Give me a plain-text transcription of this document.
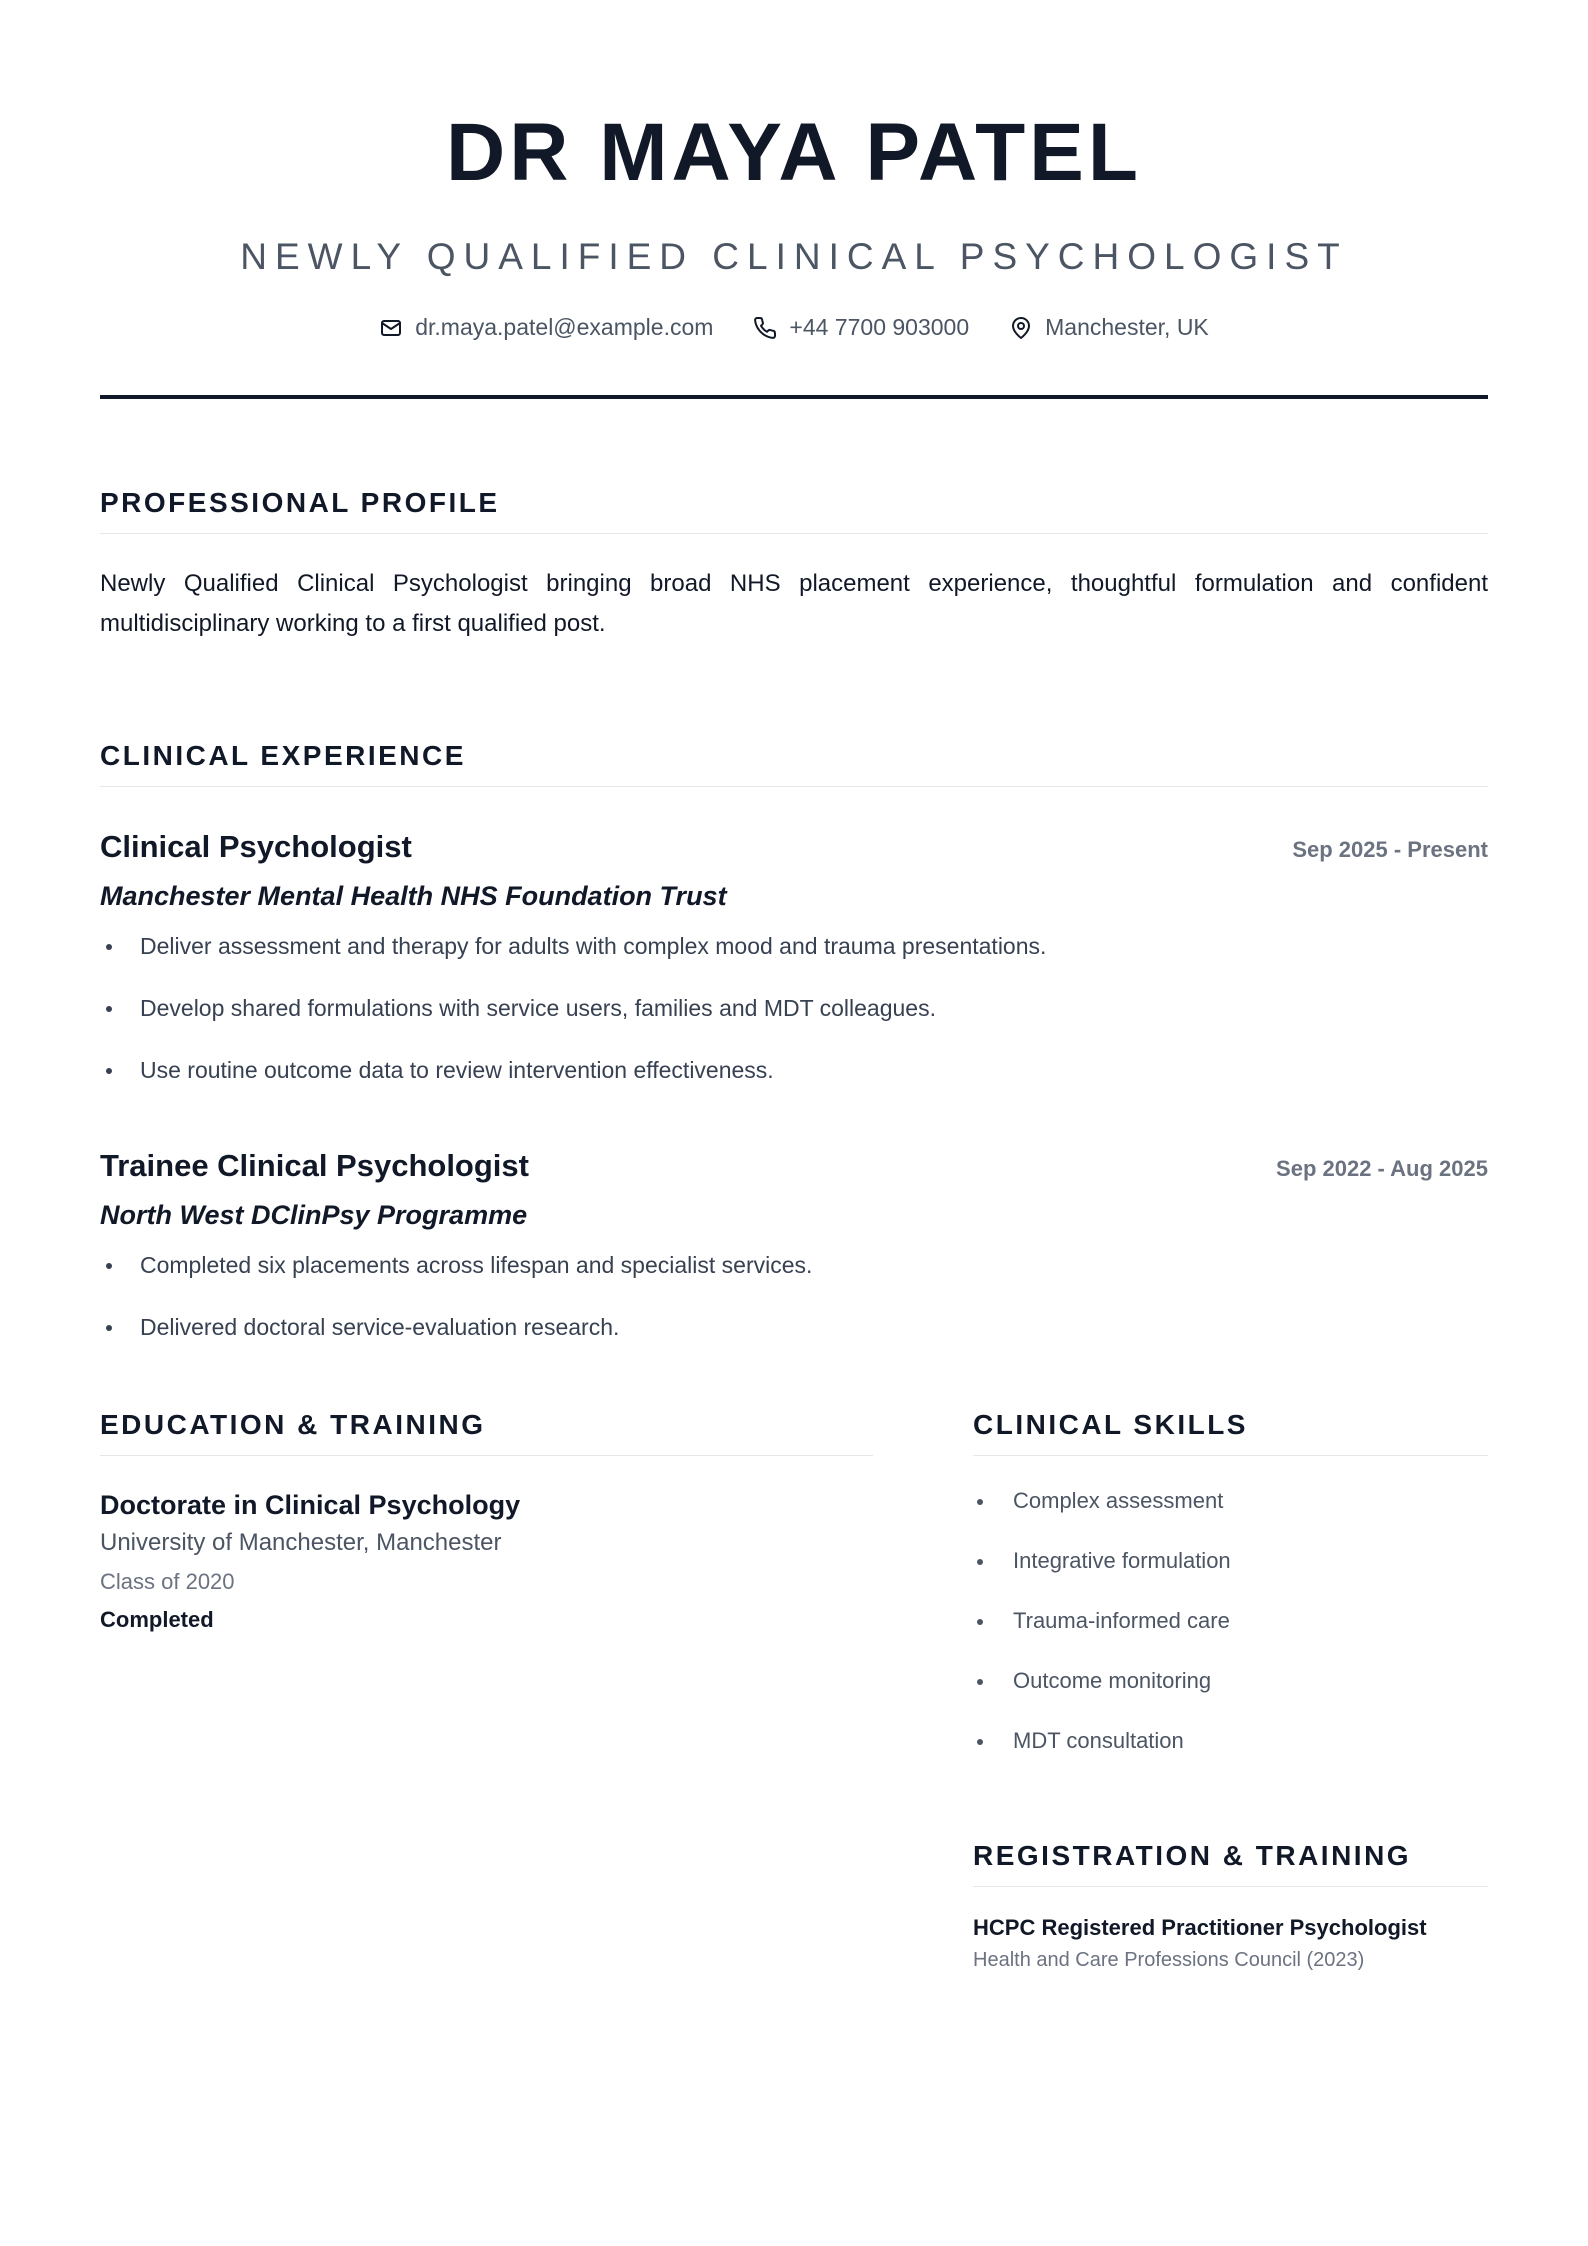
DR MAYA PATEL
NEWLY QUALIFIED CLINICAL PSYCHOLOGIST
dr.maya.patel@example.com	+44 7700 903000	Manchester, UK
PROFESSIONAL PROFILE

Newly Qualified Clinical Psychologist bringing broad NHS placement experience, thoughtful formulation and confident multidisciplinary working to a first qualified post.

CLINICAL EXPERIENCE
Clinical Psychologist	Sep 2025 - Present
Manchester Mental Health NHS Foundation Trust
Deliver assessment and therapy for adults with complex mood and trauma presentations.
Develop shared formulations with service users, families and MDT colleagues.
Use routine outcome data to review intervention effectiveness.
Trainee Clinical Psychologist	Sep 2022 - Aug 2025
North West DClinPsy Programme
Completed six placements across lifespan and specialist services.
Delivered doctoral service-evaluation research.
EDUCATION & TRAINING
Doctorate in Clinical Psychology
University of Manchester, Manchester
Class of 2020
Completed
CLINICAL SKILLS
Complex assessment
Integrative formulation
Trauma-informed care
Outcome monitoring
MDT consultation
REGISTRATION & TRAINING
HCPC Registered Practitioner Psychologist
Health and Care Professions Council (2023)
